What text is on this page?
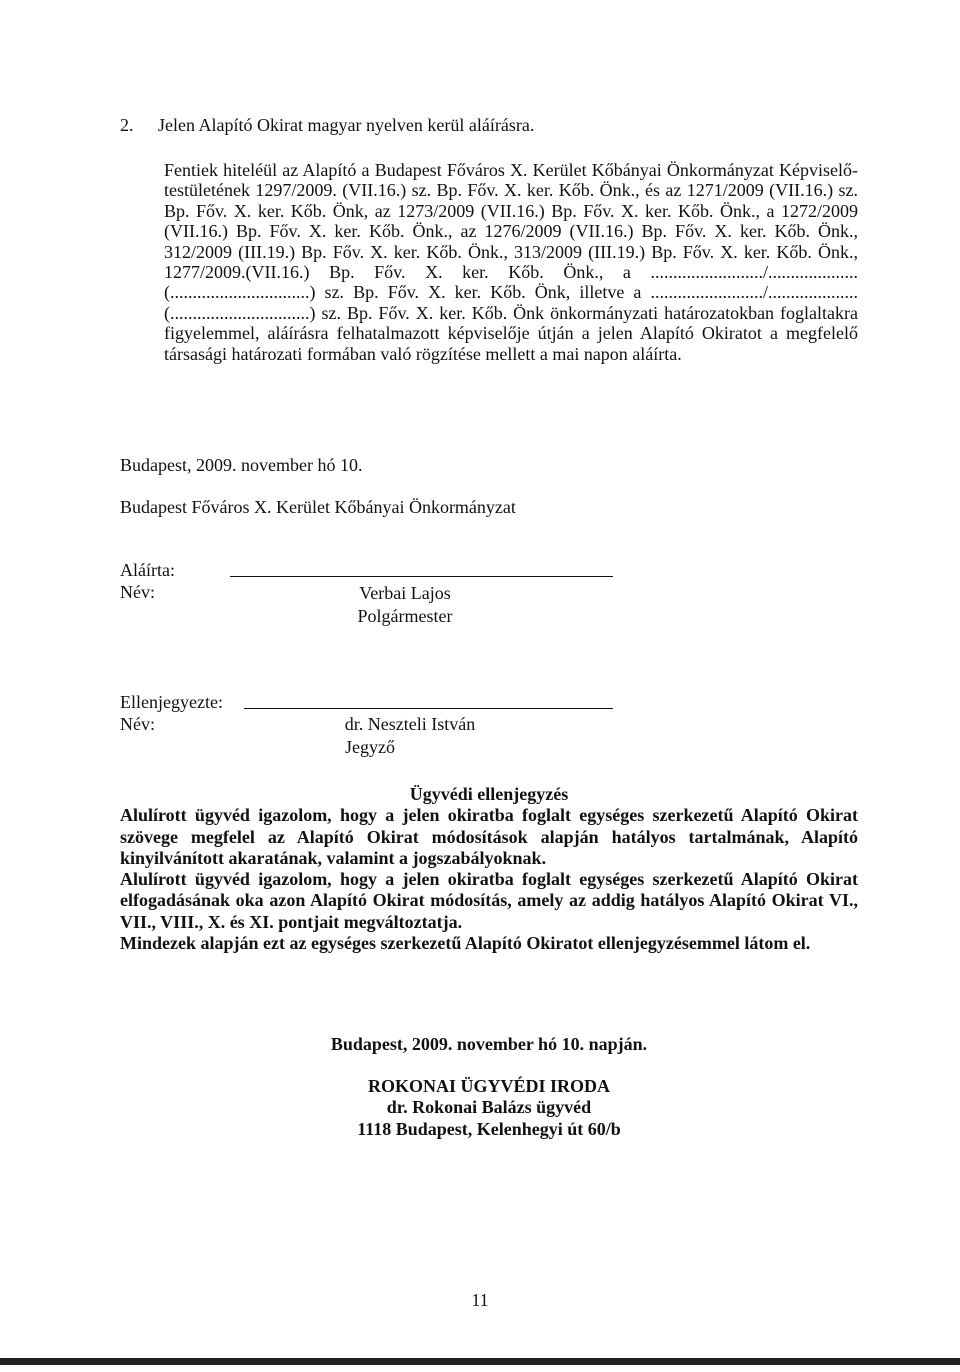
2. Jelen Alapító Okirat magyar nyelven kerül aláírásra.

Fentiek hiteléül az Alapító a Budapest Főváros X. Kerület Kőbányai Önkormányzat Képviselő-testületének 1297/2009. (VII.16.) sz. Bp. Főv. X. ker. Kőb. Önk., és az 1271/2009 (VII.16.) sz. Bp. Főv. X. ker. Kőb. Önk, az 1273/2009 (VII.16.) Bp. Főv. X. ker. Kőb. Önk., a 1272/2009 (VII.16.) Bp. Főv. X. ker. Kőb. Önk., az 1276/2009 (VII.16.) Bp. Főv. X. ker. Kőb. Önk., 312/2009 (III.19.) Bp. Főv. X. ker. Kőb. Önk., 313/2009 (III.19.) Bp. Főv. X. ker. Kőb. Önk., 1277/2009.(VII.16.) Bp. Főv. X. ker. Kőb. Önk., a ........................./.................... (...............................) sz. Bp. Főv. X. ker. Kőb. Önk, illetve a ........................./.................... (...............................) sz. Bp. Főv. X. ker. Kőb. Önk önkormányzati határozatokban foglaltakra figyelemmel, aláírásra felhatalmazott képviselője útján a jelen Alapító Okiratot a megfelelő társasági határozati formában való rögzítése mellett a mai napon aláírta.

Budapest, 2009. november hó 10.
Budapest Főváros X. Kerület Kőbányai Önkormányzat
Aláírta:
Név:	Verbai Lajos
Polgármester
Ellenjegyezte:
Név:	dr. Neszteli István
Jegyző

Ügyvédi ellenjegyzés

Alulírott ügyvéd igazolom, hogy a jelen okiratba foglalt egységes szerkezetű Alapító Okirat szövege megfelel az Alapító Okirat módosítások alapján hatályos tartalmának, Alapító kinyilvánított akaratának, valamint a jogszabályoknak.

Alulírott ügyvéd igazolom, hogy a jelen okiratba foglalt egységes szerkezetű Alapító Okirat elfogadásának oka azon Alapító Okirat módosítás, amely az addig hatályos Alapító Okirat VI., VII., VIII., X. és XI. pontjait megváltoztatja.

Mindezek alapján ezt az egységes szerkezetű Alapító Okiratot ellenjegyzésemmel látom el.

Budapest, 2009. november hó 10. napján.
ROKONAI ÜGYVÉDI IRODA
dr. Rokonai Balázs ügyvéd
1118 Budapest, Kelenhegyi út 60/b
11
